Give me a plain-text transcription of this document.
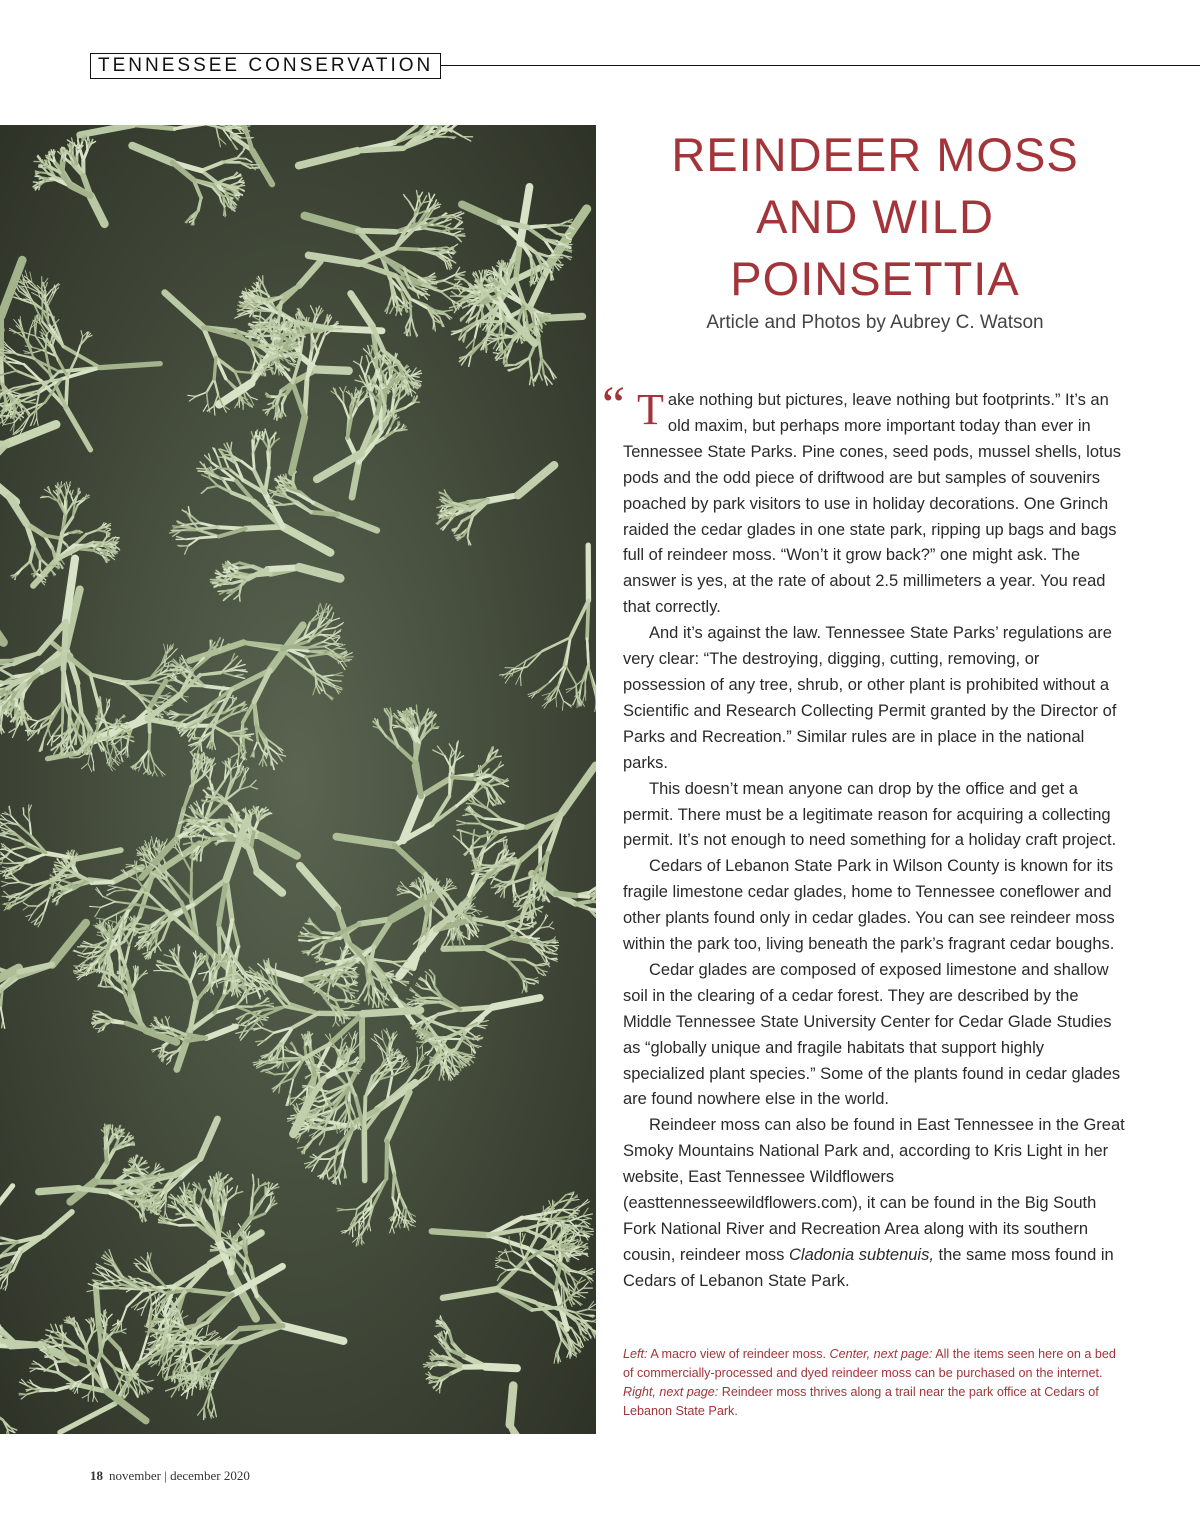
TENNESSEE CONSERVATION
REINDEER MOSS
AND WILD
POINSETTIA

Article and Photos by Aubrey C. Watson

“ T ake nothing but pictures, leave nothing but footprints.” It’s an old maxim, but perhaps more important today than ever in Tennessee State Parks. Pine cones, seed pods, mussel shells, lotus pods and the odd piece of driftwood are but samples of souvenirs poached by park visitors to use in holiday decorations. One Grinch raided the cedar glades in one state park, ripping up bags and bags full of reindeer moss. “Won’t it grow back?” one might ask. The answer is yes, at the rate of about 2.5 millimeters a year. You read that correctly.

And it’s against the law. Tennessee State Parks’ regulations are very clear: “The destroying, digging, cutting, removing, or possession of any tree, shrub, or other plant is prohibited without a Scientific and Research Collecting Permit granted by the Director of Parks and Recreation.” Similar rules are in place in the national parks.

This doesn’t mean anyone can drop by the office and get a permit. There must be a legitimate reason for acquiring a collecting permit. It’s not enough to need something for a holiday craft project.

Cedars of Lebanon State Park in Wilson County is known for its fragile limestone cedar glades, home to Tennessee coneflower and other plants found only in cedar glades. You can see reindeer moss within the park too, living beneath the park’s fragrant cedar boughs.

Cedar glades are composed of exposed limestone and shallow soil in the clearing of a cedar forest. They are described by the Middle Tennessee State University Center for Cedar Glade Studies as “globally unique and fragile habitats that support highly specialized plant species.” Some of the plants found in cedar glades are found nowhere else in the world.

Reindeer moss can also be found in East Tennessee in the Great Smoky Mountains National Park and, according to Kris Light in her website, East Tennessee Wildflowers (easttennesseewildflowers.com), it can be found in the Big South Fork National River and Recreation Area along with its southern cousin, reindeer moss Cladonia subtenuis, the same moss found in Cedars of Lebanon State Park.

Left: A macro view of reindeer moss. Center, next page: All the items seen here on a bed of commercially-processed and dyed reindeer moss can be purchased on the internet. Right, next page: Reindeer moss thrives along a trail near the park office at Cedars of Lebanon State Park.

18 november | december 2020
